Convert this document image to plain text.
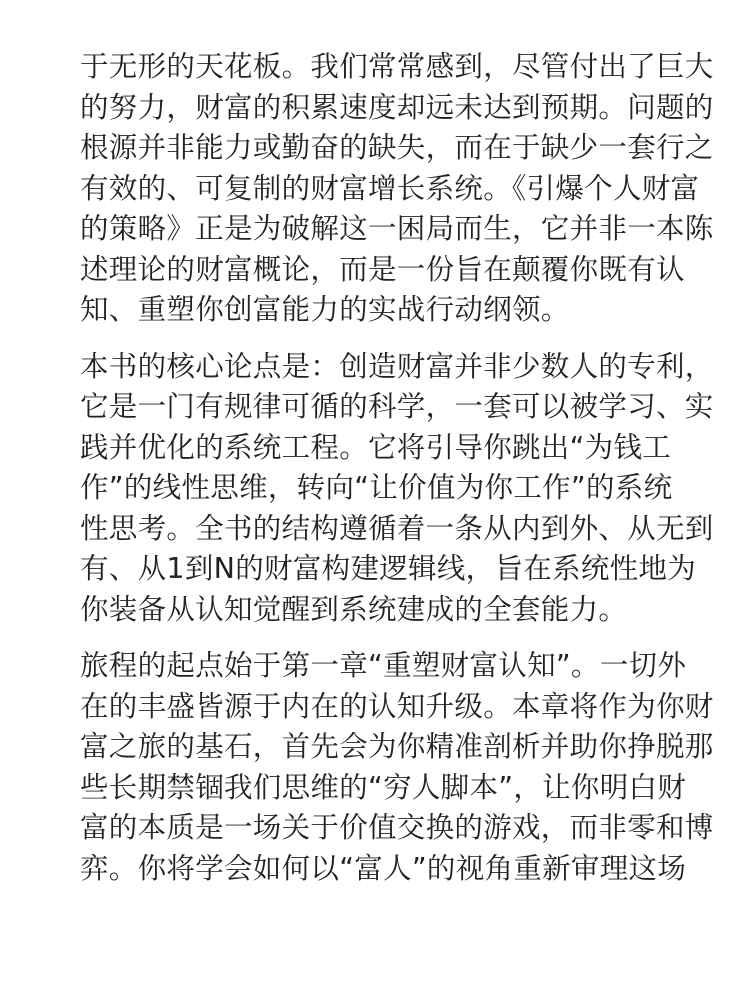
于无形的天花板。我们常常感到，尽管付出了巨大
的努力，财富的积累速度却远未达到预期。问题的
根源并非能力或勤奋的缺失，而在于缺少一套行之
有效的、可复制的财富增长系统。《引爆个人财富
的策略》正是为破解这一困局而生，它并非一本陈
述理论的财富概论，而是一份旨在颠覆你既有认
知、重塑你创富能力的实战行动纲领。
本书的核心论点是：创造财富并非少数人的专利，
它是一门有规律可循的科学，一套可以被学习、实
践并优化的系统工程。它将引导你跳出“为钱工
作”的线性思维，转向“让价值为你工作”的系统
性思考。全书的结构遵循着一条从内到外、从无到
有、从1到N的财富构建逻辑线，旨在系统性地为
你装备从认知觉醒到系统建成的全套能力。
旅程的起点始于第一章“重塑财富认知”。一切外
在的丰盛皆源于内在的认知升级。本章将作为你财
富之旅的基石，首先会为你精准剖析并助你挣脱那
些长期禁锢我们思维的“穷人脚本”，让你明白财
富的本质是一场关于价值交换的游戏，而非零和博
弈。你将学会如何以“富人”的视角重新审理这场
